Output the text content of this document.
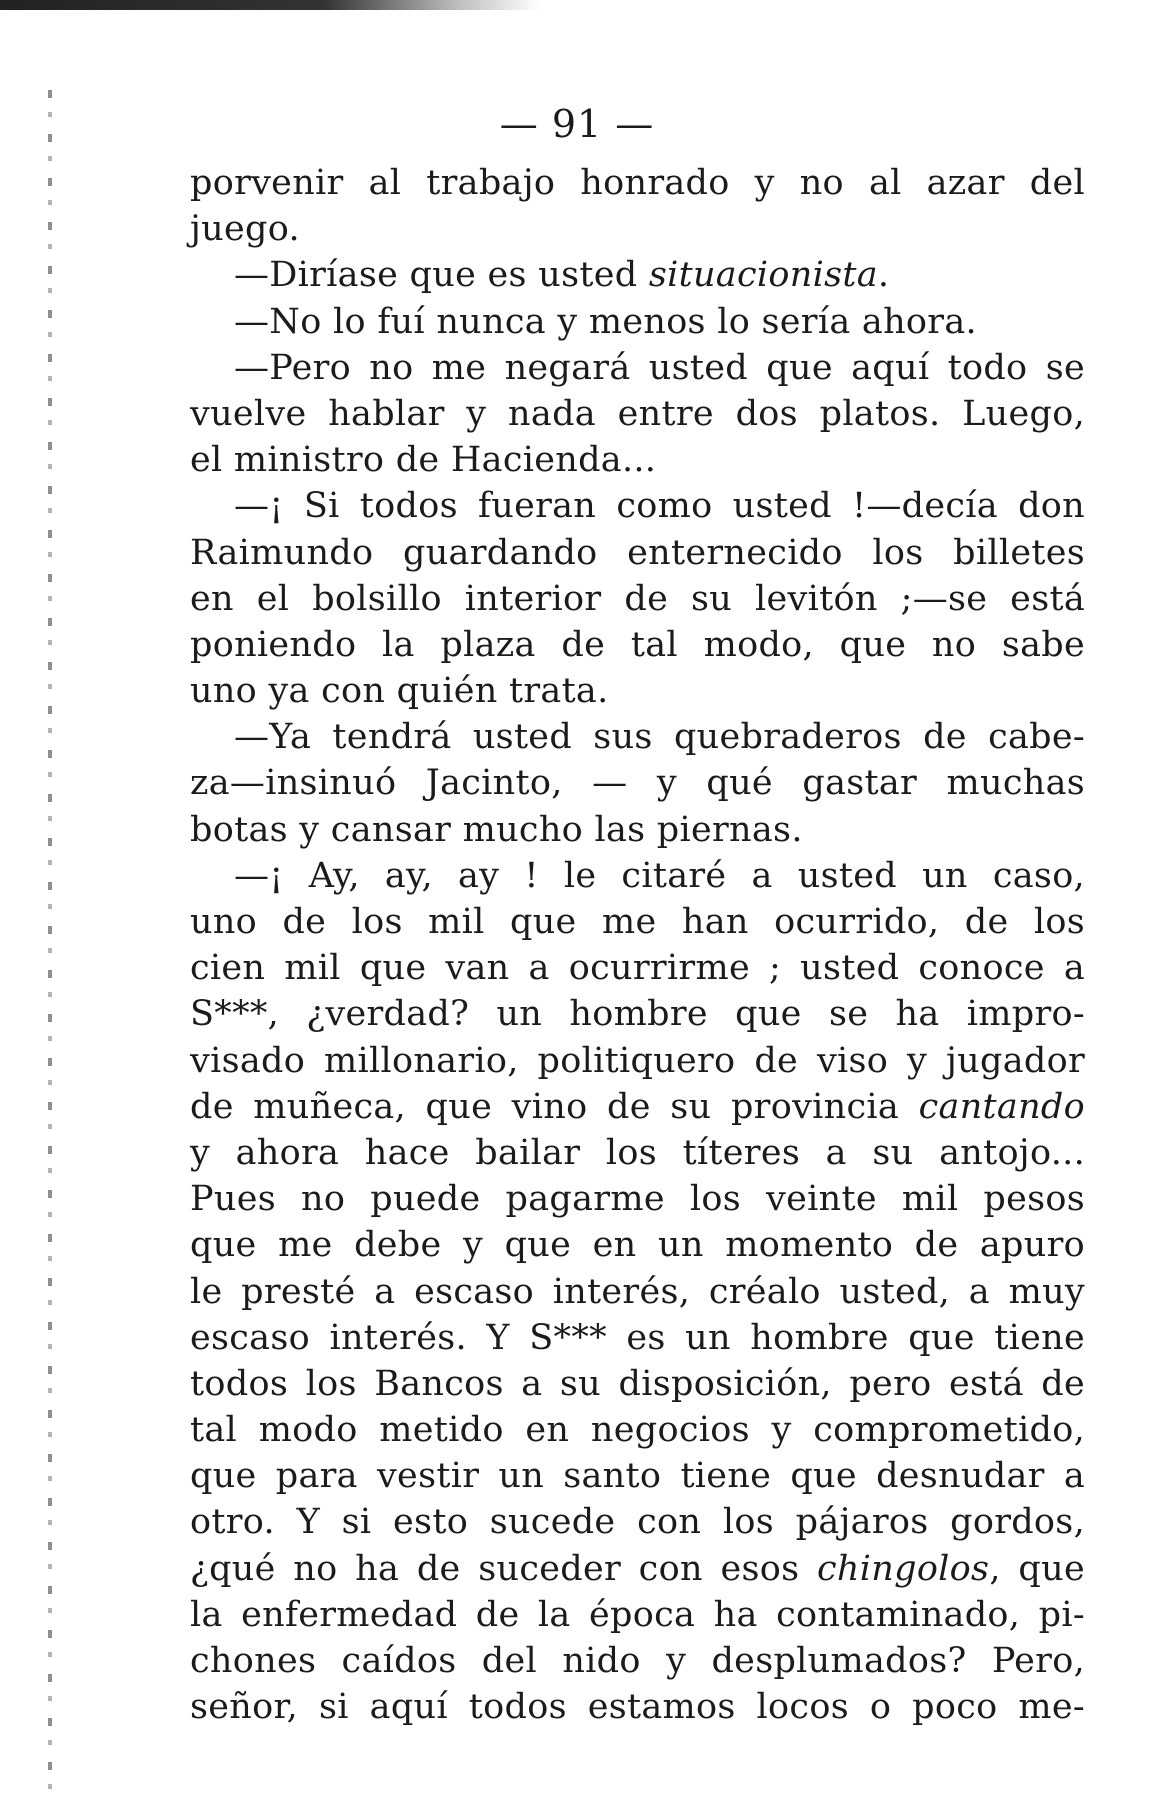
— 91 —
porvenir al trabajo honrado y no al azar del
juego.
—Diríase que es usted situacionista.
—No lo fuí nunca y menos lo sería ahora.
—Pero no me negará usted que aquí todo se
vuelve hablar y nada entre dos platos. Luego,
el ministro de Hacienda...
—¡ Si todos fueran como usted !—decía don
Raimundo guardando enternecido los billetes
en el bolsillo interior de su levitón ;—se está
poniendo la plaza de tal modo, que no sabe
uno ya con quién trata.
—Ya tendrá usted sus quebraderos de cabe-
za—insinuó Jacinto, — y qué gastar muchas
botas y cansar mucho las piernas.
—¡ Ay, ay, ay ! le citaré a usted un caso,
uno de los mil que me han ocurrido, de los
cien mil que van a ocurrirme ; usted conoce a
S***, ¿verdad? un hombre que se ha impro-
visado millonario, politiquero de viso y jugador
de muñeca, que vino de su provincia cantando
y ahora hace bailar los títeres a su antojo...
Pues no puede pagarme los veinte mil pesos
que me debe y que en un momento de apuro
le presté a escaso interés, créalo usted, a muy
escaso interés. Y S*** es un hombre que tiene
todos los Bancos a su disposición, pero está de
tal modo metido en negocios y comprometido,
que para vestir un santo tiene que desnudar a
otro. Y si esto sucede con los pájaros gordos,
¿qué no ha de suceder con esos chingolos, que
la enfermedad de la época ha contaminado, pi-
chones caídos del nido y desplumados? Pero,
señor, si aquí todos estamos locos o poco me-
